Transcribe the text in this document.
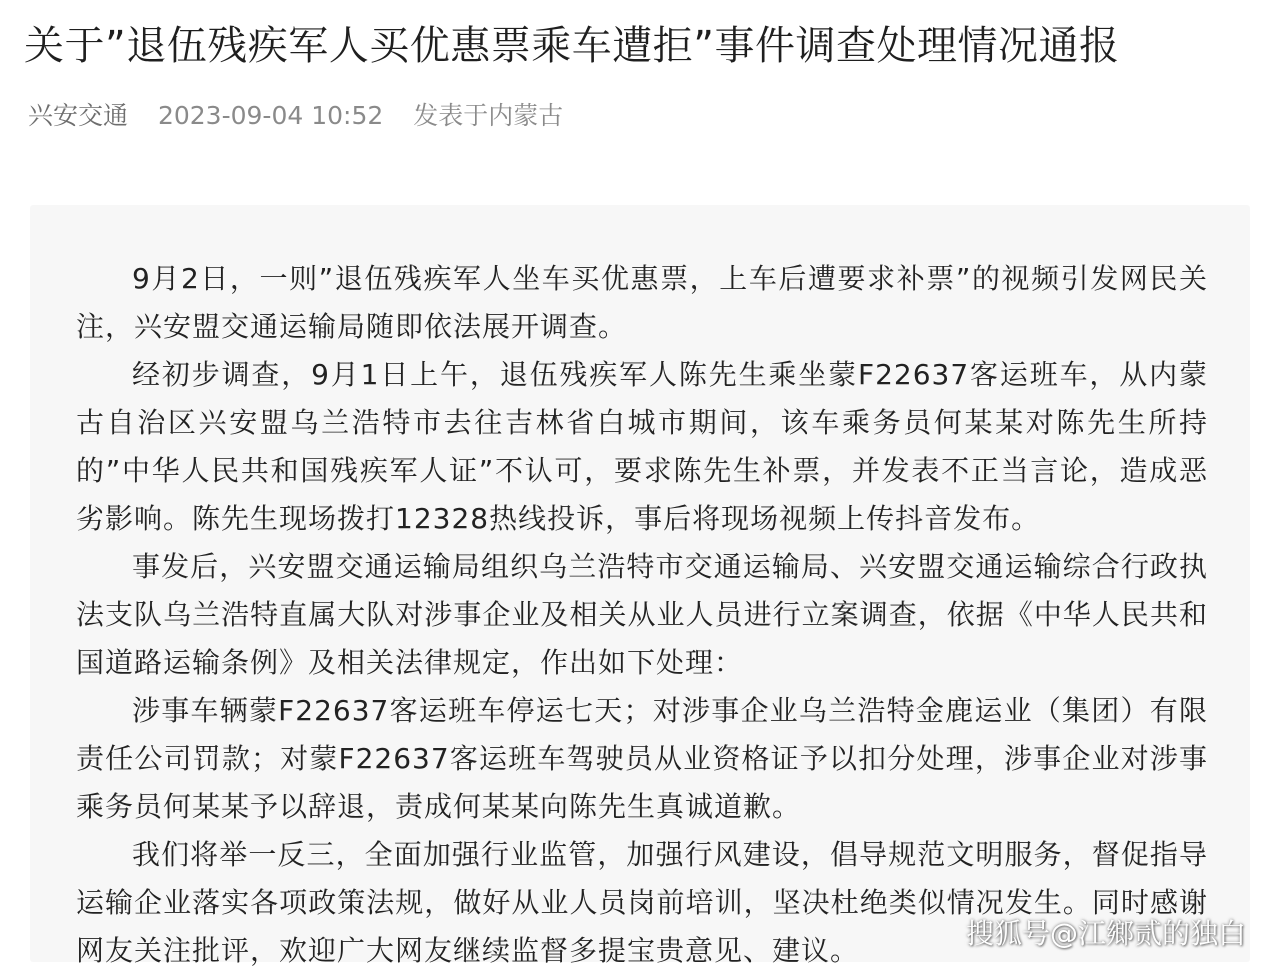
关于”退伍残疾军人买优惠票乘车遭拒”事件调查处理情况通报
兴安交通 2023-09-04 10:52 发表于内蒙古

9月2日，一则”退伍残疾军人坐车买优惠票，上车后遭要求补票”的视频引发网民关注，兴安盟交通运输局随即依法展开调查。

经初步调查，9月1日上午，退伍残疾军人陈先生乘坐蒙F22637客运班车，从内蒙古自治区兴安盟乌兰浩特市去往吉林省白城市期间，该车乘务员何某某对陈先生所持的”中华人民共和国残疾军人证”不认可，要求陈先生补票，并发表不正当言论，造成恶劣影响。陈先生现场拨打12328热线投诉，事后将现场视频上传抖音发布。

事发后，兴安盟交通运输局组织乌兰浩特市交通运输局、兴安盟交通运输综合行政执法支队乌兰浩特直属大队对涉事企业及相关从业人员进行立案调查，依据《中华人民共和国道路运输条例》及相关法律规定，作出如下处理：

涉事车辆蒙F22637客运班车停运七天；对涉事企业乌兰浩特金鹿运业（集团）有限责任公司罚款；对蒙F22637客运班车驾驶员从业资格证予以扣分处理，涉事企业对涉事乘务员何某某予以辞退，责成何某某向陈先生真诚道歉。

我们将举一反三，全面加强行业监管，加强行风建设，倡导规范文明服务，督促指导运输企业落实各项政策法规，做好从业人员岗前培训，坚决杜绝类似情况发生。同时感谢网友关注批评，欢迎广大网友继续监督多提宝贵意见、建议。

搜狐号@江鄉贰的独白
